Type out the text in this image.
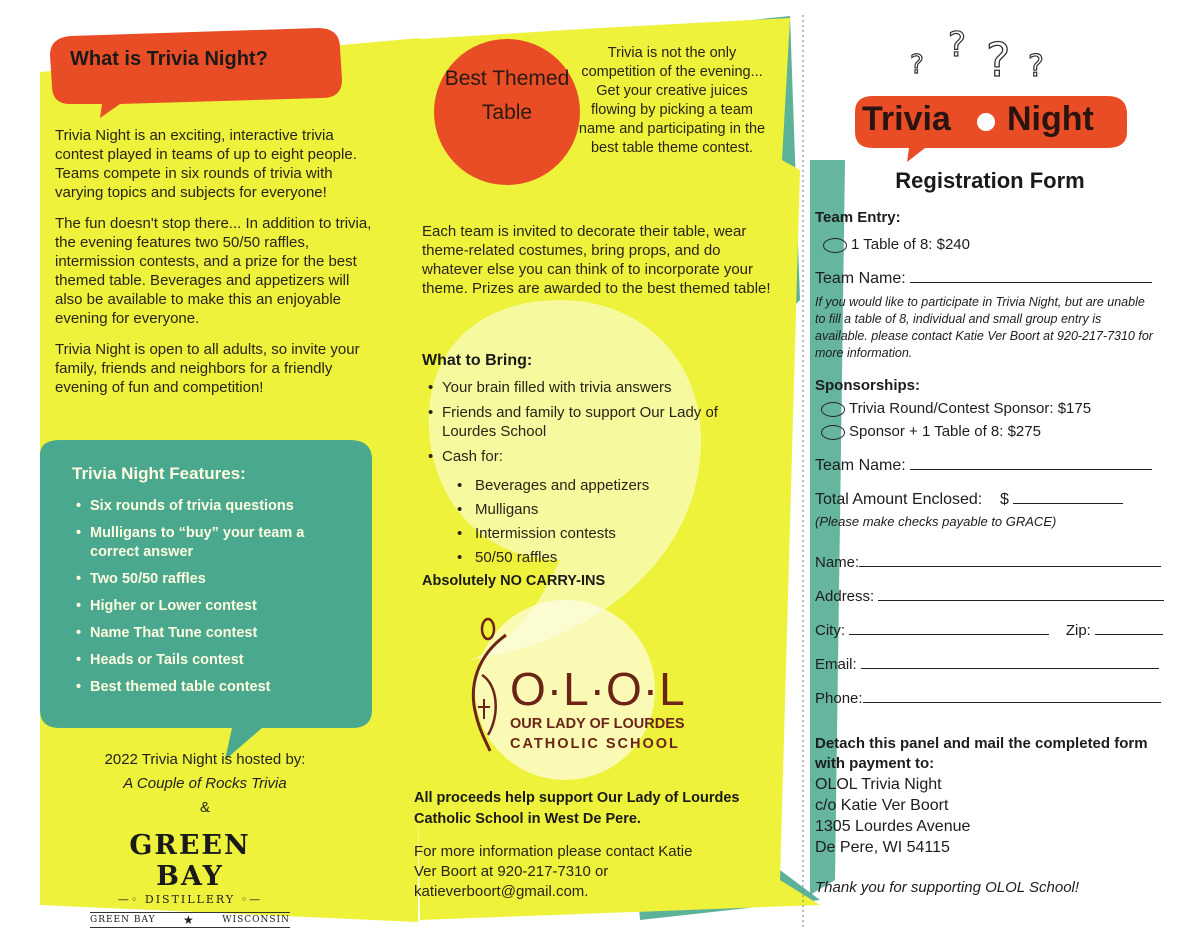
What is Trivia Night?

Trivia Night is an exciting, interactive trivia contest played in teams of up to eight people. Teams compete in six rounds of trivia with varying topics and subjects for everyone!

The fun doesn't stop there... In addition to trivia, the evening features two 50/50 raffles, intermission contests, and a prize for the best themed table. Beverages and appetizers will also be available to make this an enjoyable evening for everyone.

Trivia Night is open to all adults, so invite your family, friends and neighbors for a friendly evening of fun and competition!

Trivia Night Features:
• Six rounds of trivia questions
• Mulligans to “buy” your team a correct answer
• Two 50/50 raffles
• Higher or Lower contest
• Name That Tune contest
• Heads or Tails contest
• Best themed table contest
2022 Trivia Night is hosted by:
A Couple of Rocks Trivia
&
GREEN BAY
—◦ DISTILLERY ◦—
GREEN BAY ★	WISCONSIN
Best Themed Table
Trivia is not the only competition of the evening... Get your creative juices flowing by picking a team name and participating in the best table theme contest.
Each team is invited to decorate their table, wear theme-related costumes, bring props, and do whatever else you can think of to incorporate your theme. Prizes are awarded to the best themed table!
What to Bring:
• Your brain filled with trivia answers
• Friends and family to support Our Lady of Lourdes School
• Cash for:
• Beverages and appetizers
• Mulligans
• Intermission contests
• 50/50 raffles
Absolutely NO CARRY-INS
O·L·O·L
OUR LADY OF LOURDES
CATHOLIC SCHOOL
All proceeds help support Our Lady of Lourdes Catholic School in West De Pere.
For more information please contact Katie Ver Boort at 920-217-7310 or katieverboort@gmail.com.
? ? ? ?
Trivia Night
Registration Form
Team Entry:
1 Table of 8: $240
Team Name:
If you would like to participate in Trivia Night, but are unable to fill a table of 8, individual and small group entry is available. please contact Katie Ver Boort at 920-217-7310 for more information.
Sponsorships:
Trivia Round/Contest Sponsor: $175
Sponsor + 1 Table of 8: $275
Team Name:
Total Amount Enclosed: $
(Please make checks payable to GRACE)
Name:
Address:
City:	Zip:
Email:
Phone:
Detach this panel and mail the completed form with payment to:
OLOL Trivia Night
c/o Katie Ver Boort
1305 Lourdes Avenue
De Pere, WI 54115
Thank you for supporting OLOL School!
